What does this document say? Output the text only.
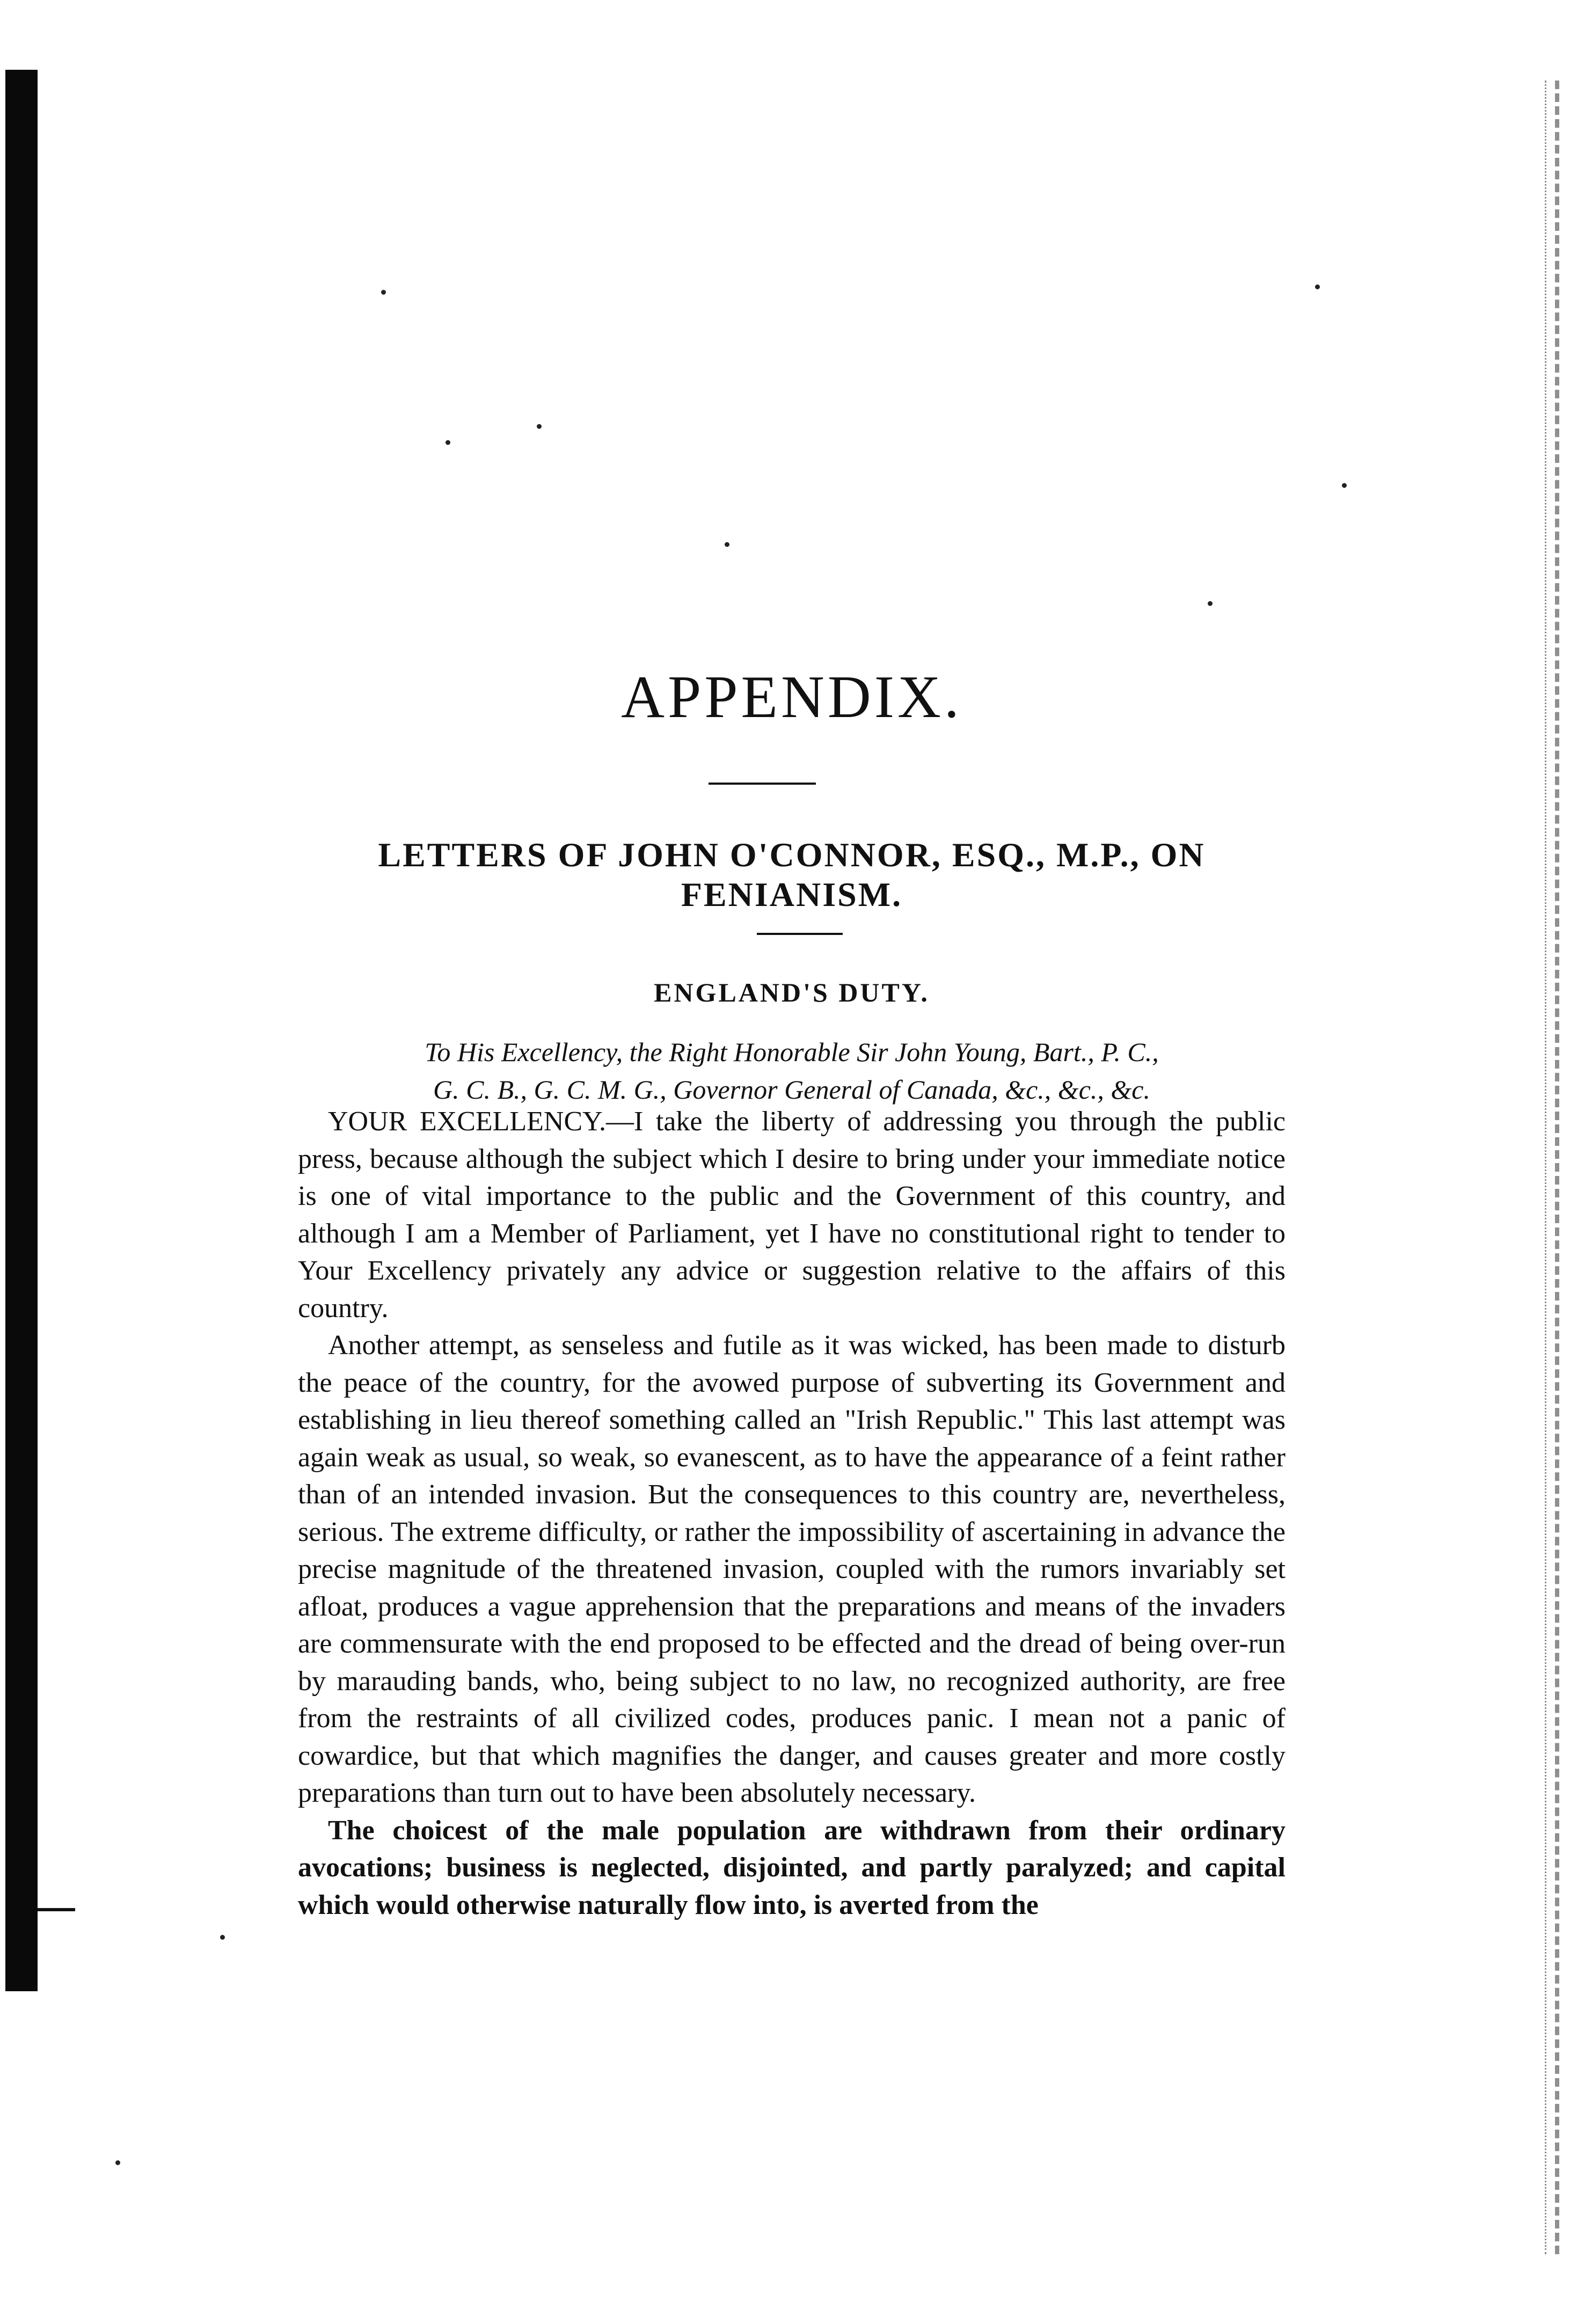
APPENDIX.
LETTERS OF JOHN O'CONNOR, ESQ., M.P., ON FENIANISM.
ENGLAND'S DUTY.

To His Excellency, the Right Honorable Sir John Young, Bart., P. C.,
G. C. B., G. C. M. G., Governor General of Canada, &c., &c., &c.

YOUR EXCELLENCY.—I take the liberty of addressing you through the public press, because although the subject which I desire to bring under your immediate notice is one of vital importance to the public and the Government of this country, and although I am a Member of Parliament, yet I have no constitutional right to tender to Your Excellency privately any advice or suggestion relative to the affairs of this country.

Another attempt, as senseless and futile as it was wicked, has been made to disturb the peace of the country, for the avowed purpose of subverting its Government and establishing in lieu thereof something called an "Irish Republic." This last attempt was again weak as usual, so weak, so evanescent, as to have the appearance of a feint rather than of an intended invasion. But the consequences to this country are, nevertheless, serious. The extreme difficulty, or rather the impossibility of ascertaining in advance the precise magnitude of the threatened invasion, coupled with the rumors invariably set afloat, produces a vague apprehension that the preparations and means of the invaders are commensurate with the end proposed to be effected and the dread of being over-run by marauding bands, who, being subject to no law, no recognized authority, are free from the restraints of all civilized codes, produces panic. I mean not a panic of cowardice, but that which magnifies the danger, and causes greater and more costly preparations than turn out to have been absolutely necessary.

The choicest of the male population are withdrawn from their ordinary avocations; business is neglected, disjointed, and partly paralyzed; and capital which would otherwise naturally flow into, is averted from the
